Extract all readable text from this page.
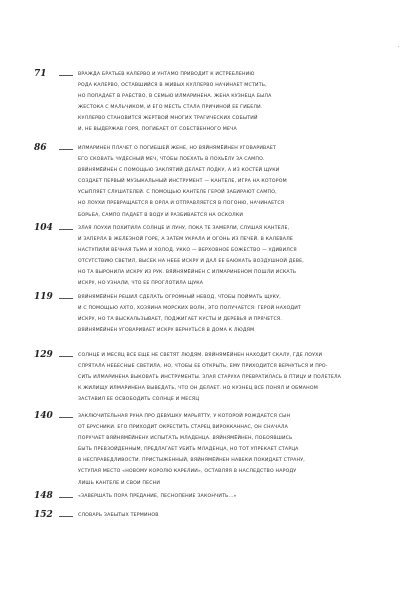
71	ВРАЖДА БРАТЬЕВ КАЛЕРВО И УНТАМО ПРИВОДИТ К ИСТРЕБЛЕНИЮ
РОДА КАЛЕРВО, ОСТАВШИЙСЯ В ЖИВЫХ КУЛЛЕРВО НАЧИНАЕТ МСТИТЬ,
НО ПОПАДАЕТ В РАБСТВО, В СЕМЬЮ ИЛМАРИНЕНА. ЖЕНА КУЗНЕЦА БЫЛА
ЖЕСТОКА С МАЛЬЧИКОМ, И ЕГО МЕСТЬ СТАЛА ПРИЧИНОЙ ЕЕ ГИБЕЛИ.
КУЛЛЕРВО СТАНОВИТСЯ ЖЕРТВОЙ МНОГИХ ТРАГИЧЕСКИХ СОБЫТИЙ
И, НЕ ВЫДЕРЖАВ ГОРЯ, ПОГИБАЕТ ОТ СОБСТВЕННОГО МЕЧА
86	ИЛМАРИНЕН ПЛАЧЕТ О ПОГИБШЕЙ ЖЕНЕ, НО ВЯЙНЯМЁЙНЕН УГОВАРИВАЕТ
ЕГО СКОВАТЬ ЧУДЕСНЫЙ МЕЧ, ЧТОБЫ ПОЕХАТЬ В ПОХЬЁЛУ ЗА САМПО.
ВЯЙНЯМЁЙНЕН С ПОМОЩЬЮ ЗАКЛЯТИЙ ДЕЛАЕТ ЛОДКУ, А ИЗ КОСТЕЙ ЩУКИ
СОЗДАЕТ ПЕРВЫЙ МУЗЫКАЛЬНЫЙ ИНСТРУМЕНТ — КАНТЕЛЕ, ИГРА НА КОТОРОМ
УСЫПЛЯЕТ СЛУШАТЕЛЕЙ. С ПОМОЩЬЮ КАНТЕЛЕ ГЕРОЙ ЗАБИРАЮТ САМПО,
НО ЛОУХИ ПРЕВРАЩАЕТСЯ В ОРЛА И ОТПРАВЛЯЕТСЯ В ПОГОНЮ, НАЧИНАЕТСЯ
БОРЬБА, САМПО ПАДАЕТ В ВОДУ И РАЗБИВАЕТСЯ НА ОСКОЛКИ
104	ЗЛАЯ ЛОУХИ ПОХИТИЛА СОЛНЦЕ И ЛУНУ, ПОКА ТЕ ЗАМЕРЛИ, СЛУШАЯ КАНТЕЛЕ,
И ЗАПЕРЛА В ЖЕЛЕЗНОЙ ГОРЕ, А ЗАТЕМ УКРАЛА И ОГОНЬ ИЗ ПЕЧЕЙ. В КАЛЕВАЛЕ
НАСТУПИЛИ ВЕЧНАЯ ТЬМА И ХОЛОД. УККО — ВЕРХОВНОЕ БОЖЕСТВО — УДИВИЛСЯ
ОТСУТСТВИЮ СВЕТИЛ, ВЫСЕК НА НЕБЕ ИСКРУ И ДАЛ ЕЕ БАЮКАТЬ ВОЗДУШНОЙ ДЕВЕ,
НО ТА ВЫРОНИЛА ИСКРУ ИЗ РУК. ВЯЙНЯМЁЙНЕН С ИЛМАРИНЕНОМ ПОШЛИ ИСКАТЬ
ИСКРУ, НО УЗНАЛИ, ЧТО ЕЕ ПРОГЛОТИЛА ЩУКА
119	ВЯЙНЯМЁЙНЕН РЕШИЛ СДЕЛАТЬ ОГРОМНЫЙ НЕВОД, ЧТОБЫ ПОЙМАТЬ ЩУКУ,
И С ПОМОЩЬЮ АХТО, ХОЗЯИНА МОРСКИХ ВОЛН, ЭТО ПОЛУЧАЕТСЯ: ГЕРОЙ НАХОДИТ
ИСКРУ, НО ТА ВЫСКАЛЬЗЫВАЕТ, ПОДЖИГАЕТ КУСТЫ И ДЕРЕВЬЯ И ПРЯЧЕТСЯ.
ВЯЙНЯМЁЙНЕН УГОВАРИВАЕТ ИСКРУ ВЕРНУТЬСЯ В ДОМА К ЛЮДЯМ
129	СОЛНЦЕ И МЕСЯЦ ВСЕ ЕЩЕ НЕ СВЕТЯТ ЛЮДЯМ. ВЯЙНЯМЁЙНЕН НАХОДИТ СКАЛУ, ГДЕ ЛОУХИ
СПРЯТАЛА НЕБЕСНЫЕ СВЕТИЛА, НО, ЧТОБЫ ЕЕ ОТКРЫТЬ, ЕМУ ПРИХОДИТСЯ ВЕРНУТЬСЯ И ПРО-
СИТЬ ИЛМАРИНЕНА ВЫКОВАТЬ ИНСТРУМЕНТЫ. ЗЛАЯ СТАРУХА ПРЕВРАТИЛАСЬ В ПТИЦУ И ПОЛЕТЕЛА
К ЖИЛИЩУ ИЛМАРИНЕНА ВЫВЕДАТЬ, ЧТО ОН ДЕЛАЕТ. НО КУЗНЕЦ ВСЕ ПОНЯЛ И ОБМАНОМ
ЗАСТАВИЛ ЕЕ ОСВОБОДИТЬ СОЛНЦЕ И МЕСЯЦ
140	ЗАКЛЮЧИТЕЛЬНАЯ РУНА ПРО ДЕВУШКУ МАРЬЯТТУ, У КОТОРОЙ РОЖДАЕТСЯ СЫН
ОТ БРУСНИКИ. ЕГО ПРИХОДИТ ОКРЕСТИТЬ СТАРЕЦ ВИРОККАННАС, ОН СНАЧАЛА
ПОРУЧАЕТ ВЯЙНЯМЁЙНЕНУ ИСПЫТАТЬ МЛАДЕНЦА. ВЯЙНЯМЁЙНЕН, ПОБОЯВШИСЬ
БЫТЬ ПРЕВЗОЙДЕННЫМ, ПРЕДЛАГАЕТ УБИТЬ МЛАДЕНЦА, НО ТОТ УПРЕКАЕТ СТАРЦА
В НЕСПРАВЕДЛИВОСТИ. ПРИСТЫЖЕННЫЙ, ВЯЙНЯМЁЙНЕН НАВЕКИ ПОКИДАЕТ СТРАНУ,
УСТУПАЯ МЕСТО «НОВОМУ КОРОЛЮ КАРЕЛИИ», ОСТАВЛЯЯ В НАСЛЕДСТВО НАРОДУ
ЛИШЬ КАНТЕЛЕ И СВОИ ПЕСНИ
148	«ЗАВЕРШАТЬ ПОРА ПРЕДАНИЕ, ПЕСНОПЕНИЕ ЗАКОНЧИТЬ...»
152	СЛОВАРЬ ЗАБЫТЫХ ТЕРМИНОВ
